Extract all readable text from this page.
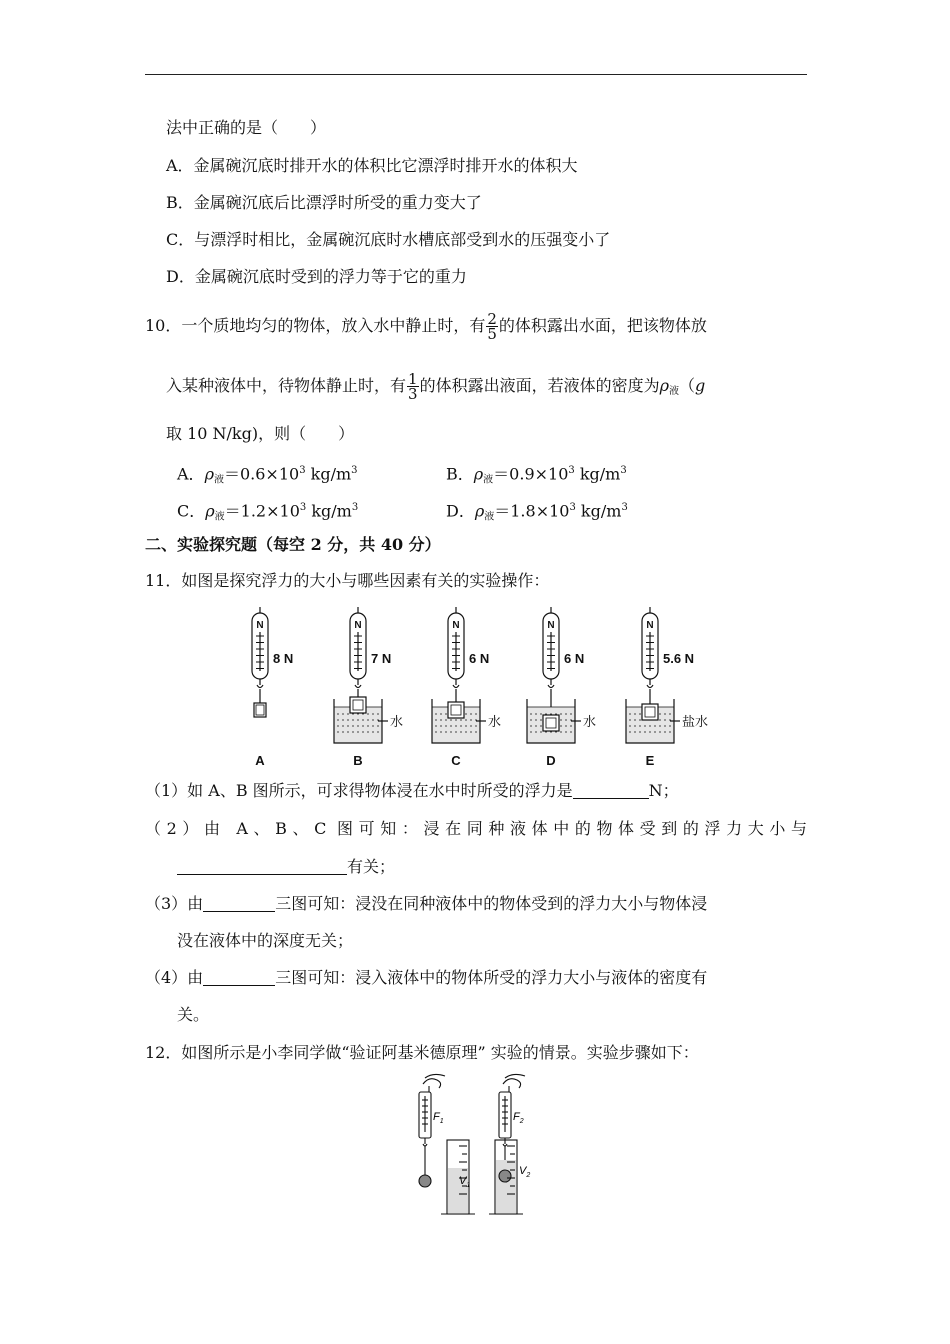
法中正确的是（　　）
A．金属碗沉底时排开水的体积比它漂浮时排开水的体积大
B．金属碗沉底后比漂浮时所受的重力变大了
C．与漂浮时相比，金属碗沉底时水槽底部受到水的压强变小了
D．金属碗沉底时受到的浮力等于它的重力
10．一个质地均匀的物体，放入水中静止时，有 $\frac{2}{5}$ 的体积露出水面，把该物体放
入某种液体中，待物体静止时，有 $\frac{1}{3}$ 的体积露出液面，若液体的密度为$\rho_液(g$
取 10 N/kg)，则（　　）
A．$\rho_液=0.6\times 10^3$ $kg/m^3$	B．$\rho_液=0.9\times 10^3$ $kg/m^3$
C．$\rho_液=1.2\times 10^3$ $kg/m^3$	D．$\rho_液=1.8\times 10^3$ $kg/m^3$
二、实验探究题（每空 2 分，共 40 分）
11．如图是探究浮力的大小与哪些因素有关的实验操作：
N
8 N
A
N
7 N
水
B
N
6 N
水
C
N
6 N
水
D
N
5.6 N
盐水
E
（1）如 A、B 图所示，可求得物体浸在水中时所受的浮力是	N；
（2）由 A、B、C 图可知：浸在同种液体中的物体受到的浮力大小与
有关；
（3）由	三图可知：浸没在同种液体中的物体受到的浮力大小与物体浸
没在液体中的深度无关；
（4）由	三图可知：浸入液体中的物体所受的浮力大小与液体的密度有
关。
12．如图所示是小李同学做“验证阿基米德原理” 实验的情景。实验步骤如下：
$F_1$
$V_1$
$F_2$
$V_2$
